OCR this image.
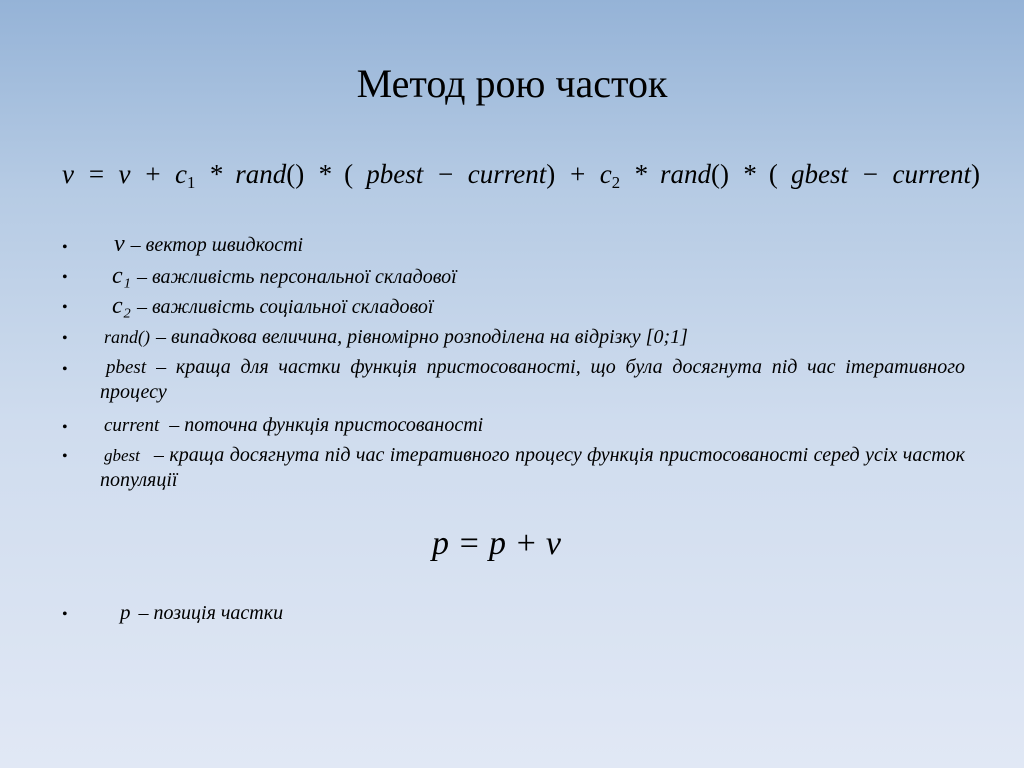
Метод рою часток
$v = v + c_1$ * rand() * ( pbest − current) + $c_2$ * rand() * ( gbest − current)
•	v – вектор швидкості
•	c₁ – важливість персональної складової
•	c₂ – важливість соціальної складової
• rand() – випадкова величина, рівномірно розподілена на відрізку [0;1]
•	pbest – краща для частки функція пристосованості, що була досягнута під час ітеративного процесу
• current – поточна функція пристосованості
• gbest – краща досягнута під час ітеративного процесу функція пристосованості серед усіх часток популяції
p = p + v
•	p – позиція частки
